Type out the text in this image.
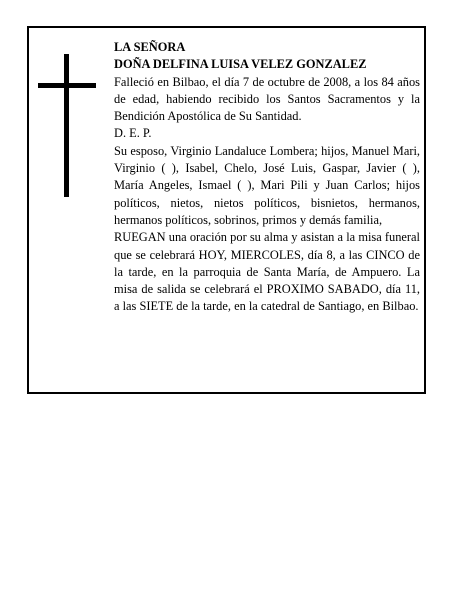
LA SEÑORA

DOÑA DELFINA LUISA VELEZ GONZALEZ

Falleció en Bilbao, el día 7 de octubre de 2008, a los 84 años de edad, habiendo recibido los Santos Sacramentos y la Bendición Apostólica de Su Santidad.

D. E. P.

Su esposo, Virginio Landaluce Lombera; hijos, Manuel Mari, Virginio ( ), Isabel, Chelo, José Luis, Gaspar, Javier ( ), María Angeles, Ismael ( ), Mari Pili y Juan Carlos; hijos políticos, nietos, nietos políticos, bisnietos, hermanos, hermanos políticos, sobrinos, primos y demás familia,

RUEGAN una oración por su alma y asistan a la misa funeral que se celebrará HOY, MIERCOLES, día 8, a las CINCO de la tarde, en la parroquia de Santa María, de Ampuero. La misa de salida se celebrará el PROXIMO SABADO, día 11, a las SIETE de la tarde, en la catedral de Santiago, en Bilbao.
